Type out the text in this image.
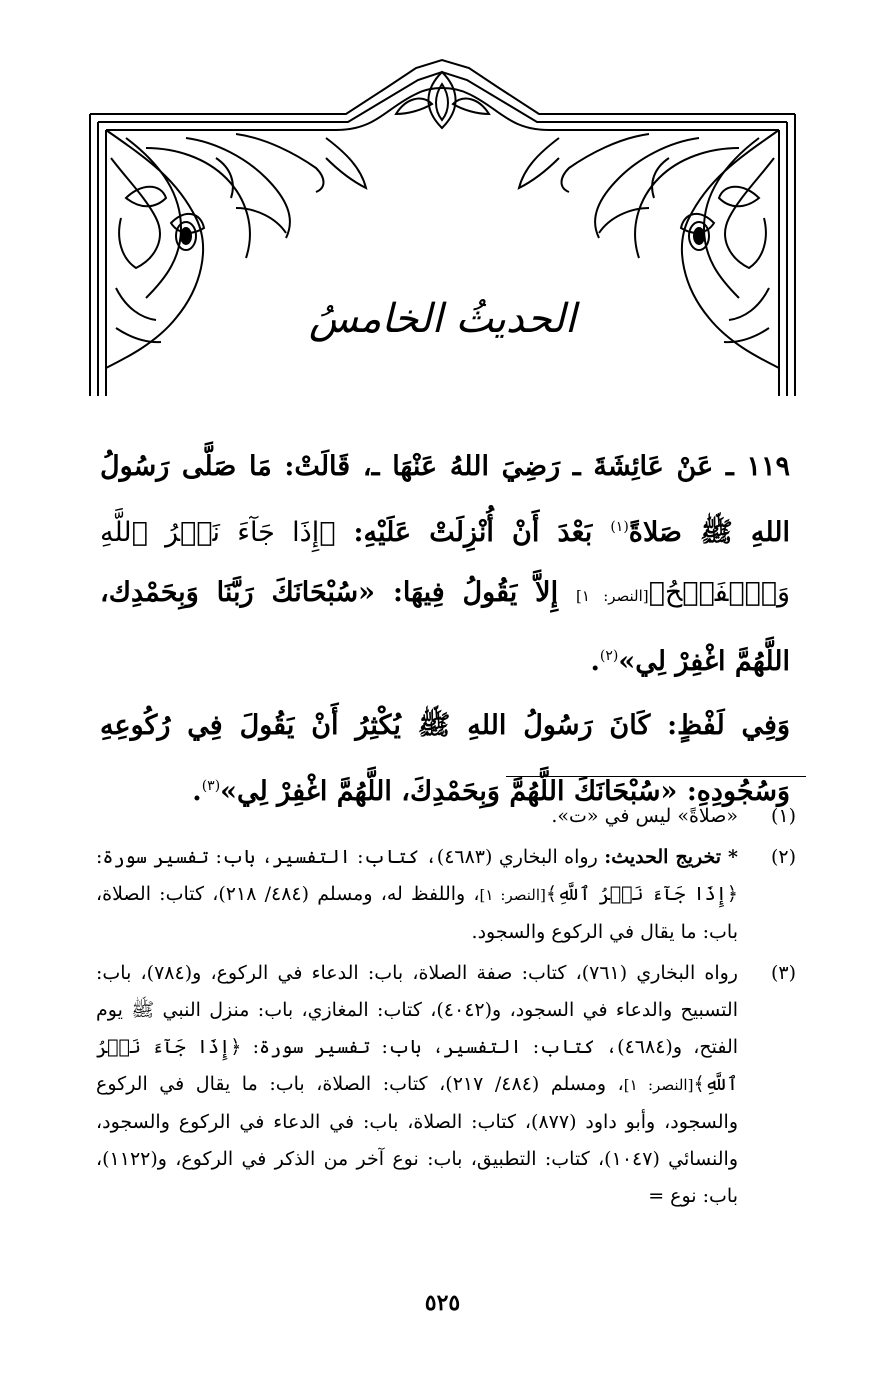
الحديثُ الخامسُ

١١٩ ـ عَنْ عَائِشَةَ ـ رَضِيَ اللهُ عَنْهَا ـ، قَالَتْ: مَا صَلَّى رَسُولُ اللهِ ﷺ صَلاةً$^{(١)}$ بَعْدَ أَنْ أُنْزِلَتْ عَلَيْهِ: ﴿إِذَا جَآءَ نَصۡرُ ٱللَّهِ وَٱلۡفَتۡحُ﴾[النصر: ١] إِلاَّ يَقُولُ فِيهَا: «سُبْحَانَكَ رَبَّنَا وَبِحَمْدِك، اللَّهُمَّ اغْفِرْ لِي»$^{(٢)}$.

وَفِي لَفْظٍ: كَانَ رَسُولُ اللهِ ﷺ يُكْثِرُ أَنْ يَقُولَ فِي رُكُوعِهِ وَسُجُودِهِ: «سُبْحَانَكَ اللَّهُمَّ وَبِحَمْدِكَ، اللَّهُمَّ اغْفِرْ لِي»$^{(٣)}$.

(١)
«صلاةً» ليس في «ت».
(٢)
* تخريج الحديث: رواه البخاري (٤٦٨٣)، كتاب: التفسير، باب: تفسير سورة: ﴿إِذَا جَآءَ نَصۡرُ ٱللَّهِ﴾[النصر: ١]، واللفظ له، ومسلم (٤٨٤/ ٢١٨)، كتاب: الصلاة، باب: ما يقال في الركوع والسجود.
(٣)
رواه البخاري (٧٦١)، كتاب: صفة الصلاة، باب: الدعاء في الركوع، و(٧٨٤)، باب: التسبيح والدعاء في السجود، و(٤٠٤٢)، كتاب: المغازي، باب: منزل النبي ﷺ يوم الفتح، و(٤٦٨٤)، كتاب: التفسير، باب: تفسير سورة: ﴿إِذَا جَآءَ نَصۡرُ ٱللَّهِ﴾[النصر: ١]، ومسلم (٤٨٤/ ٢١٧)، كتاب: الصلاة، باب: ما يقال في الركوع والسجود، وأبو داود (٨٧٧)، كتاب: الصلاة، باب: في الدعاء في الركوع والسجود، والنسائي (١٠٤٧)، كتاب: التطبيق، باب: نوع آخر من الذكر في الركوع، و(١١٢٢)، باب: نوع =
٥٢٥
